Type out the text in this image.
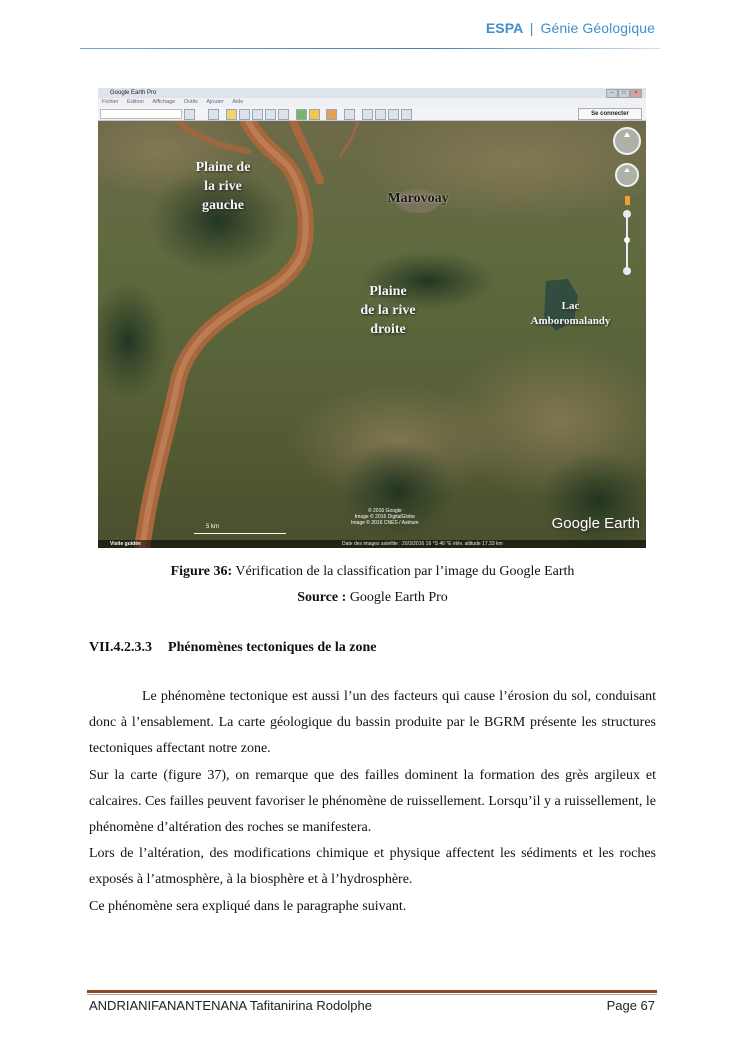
ESPA | Génie Géologique
Google Earth Pro	–	□	×
Fichier Édition Affichage Outils Ajouter Aide
Se connecter
Plaine de
la rive
gauche	Marovoay
Plaine
de la rive
droite
Lac
Amboromalandy
5 km
© 2016 Google
Image © 2016 DigitalGlobe
Image © 2016 CNES / Astrium	Google Earth
Visite guidée	Date des images satellite : 20/3/2016 16 °S 46 °E élév. altitude 17.33 km
Figure 36: Vérification de la classification par l’image du Google Earth
Source : Google Earth Pro
VII.4.2.3.3 Phénomènes tectoniques de la zone

Le phénomène tectonique est aussi l’un des facteurs qui cause l’érosion du sol, conduisant donc à l’ensablement. La carte géologique du bassin produite par le BGRM présente les structures tectoniques affectant notre zone.

Sur la carte (figure 37), on remarque que des failles dominent la formation des grès argileux et calcaires. Ces failles peuvent favoriser le phénomène de ruissellement. Lorsqu’il y a ruissellement, le phénomène d’altération des roches se manifestera.

Lors de l’altération, des modifications chimique et physique affectent les sédiments et les roches exposés à l’atmosphère, à la biosphère et à l’hydrosphère.

Ce phénomène sera expliqué dans le paragraphe suivant.

ANDRIANIFANANTENANA Tafitanirina Rodolphe	Page 67
